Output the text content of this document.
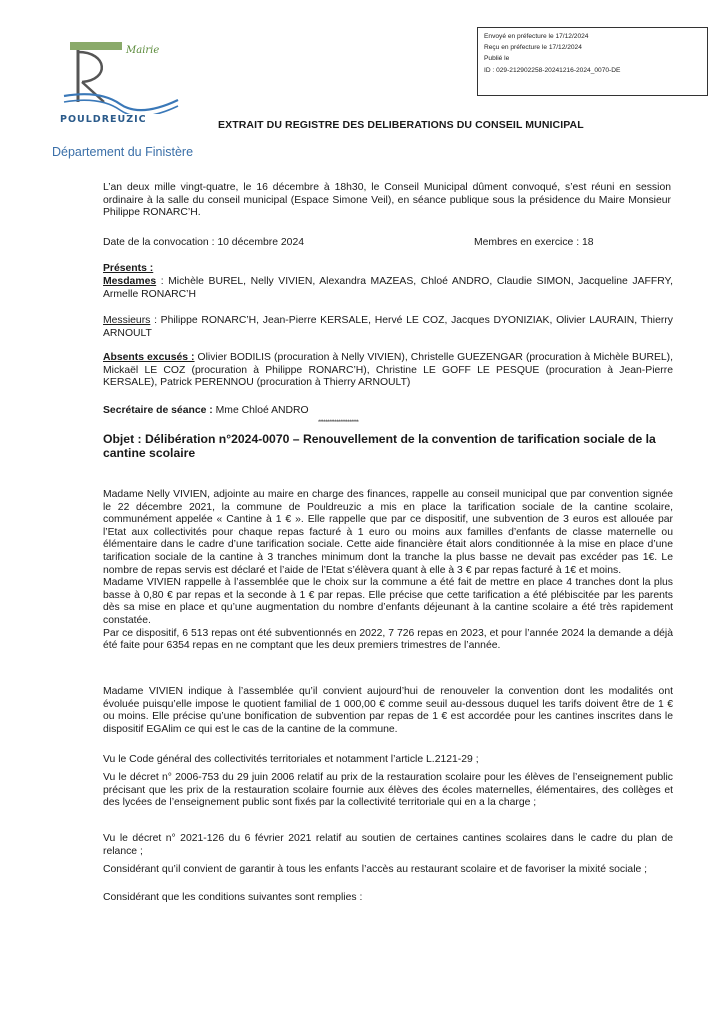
Mairie
POULDREUZIC
Département du Finistère
Envoyé en préfecture le 17/12/2024
Reçu en préfecture le 17/12/2024
Publié le
ID : 029-212902258-20241216-2024_0070-DE
EXTRAIT DU REGISTRE DES DELIBERATIONS DU CONSEIL MUNICIPAL
L’an deux mille vingt-quatre, le 16 décembre à 18h30, le Conseil Municipal dûment convoqué, s’est réuni en session ordinaire à la salle du conseil municipal (Espace Simone Veil), en séance publique sous la présidence du Maire Monsieur Philippe RONARC’H.
Date de la convocation : 10 décembre 2024	Membres en exercice : 18
Présents :
Mesdames : Michèle BUREL, Nelly VIVIEN, Alexandra MAZEAS, Chloé ANDRO, Claudie SIMON, Jacqueline JAFFRY, Armelle RONARC’H
Messieurs : Philippe RONARC’H, Jean-Pierre KERSALE, Hervé LE COZ, Jacques DYONIZIAK, Olivier LAURAIN, Thierry ARNOULT
Absents excusés : Olivier BODILIS (procuration à Nelly VIVIEN), Christelle GUEZENGAR (procuration à Michèle BUREL), Mickaël LE COZ (procuration à Philippe RONARC’H), Christine LE GOFF LE PESQUE (procuration à Jean-Pierre KERSALE), Patrick PERENNOU (procuration à Thierry ARNOULT)
Secrétaire de séance : Mme Chloé ANDRO
**********************
Objet : Délibération n°2024-0070 – Renouvellement de la convention de tarification sociale de la cantine scolaire
Madame Nelly VIVIEN, adjointe au maire en charge des finances, rappelle au conseil municipal que par convention signée le 22 décembre 2021, la commune de Pouldreuzic a mis en place la tarification sociale de la cantine scolaire, communément appelée « Cantine à 1 € ». Elle rappelle que par ce dispositif, une subvention de 3 euros est allouée par l’Etat aux collectivités pour chaque repas facturé à 1 euro ou moins aux familles d’enfants de classe maternelle ou élémentaire dans le cadre d’une tarification sociale. Cette aide financière était alors conditionnée à la mise en place d’une tarification sociale de la cantine à 3 tranches minimum dont la tranche la plus basse ne devait pas excéder pas 1€. Le nombre de repas servis est déclaré et l’aide de l’Etat s’élèvera quant à elle à 3 € par repas facturé à 1€ et moins.
Madame VIVIEN rappelle à l’assemblée que le choix sur la commune a été fait de mettre en place 4 tranches dont la plus basse à 0,80 € par repas et la seconde à 1 € par repas. Elle précise que cette tarification a été plébiscitée par les parents dès sa mise en place et qu’une augmentation du nombre d’enfants déjeunant à la cantine scolaire a été très rapidement constatée.
Par ce dispositif, 6 513 repas ont été subventionnés en 2022, 7 726 repas en 2023, et pour l’année 2024 la demande a déjà été faite pour 6354 repas en ne comptant que les deux premiers trimestres de l’année.
Madame VIVIEN indique à l’assemblée qu’il convient aujourd’hui de renouveler la convention dont les modalités ont évoluée puisqu’elle impose le quotient familial de 1 000,00 € comme seuil au-dessous duquel les tarifs doivent être de 1 € ou moins. Elle précise qu’une bonification de subvention par repas de 1 € est accordée pour les cantines inscrites dans le dispositif EGAlim ce qui est le cas de la cantine de la commune.
Vu le Code général des collectivités territoriales et notamment l’article L.2121-29 ;
Vu le décret n° 2006-753 du 29 juin 2006 relatif au prix de la restauration scolaire pour les élèves de l’enseignement public précisant que les prix de la restauration scolaire fournie aux élèves des écoles maternelles, élémentaires, des collèges et des lycées de l’enseignement public sont fixés par la collectivité territoriale qui en a la charge ;
Vu le décret n° 2021-126 du 6 février 2021 relatif au soutien de certaines cantines scolaires dans le cadre du plan de relance ;
Considérant qu’il convient de garantir à tous les enfants l’accès au restaurant scolaire et de favoriser la mixité sociale ;
Considérant que les conditions suivantes sont remplies :
